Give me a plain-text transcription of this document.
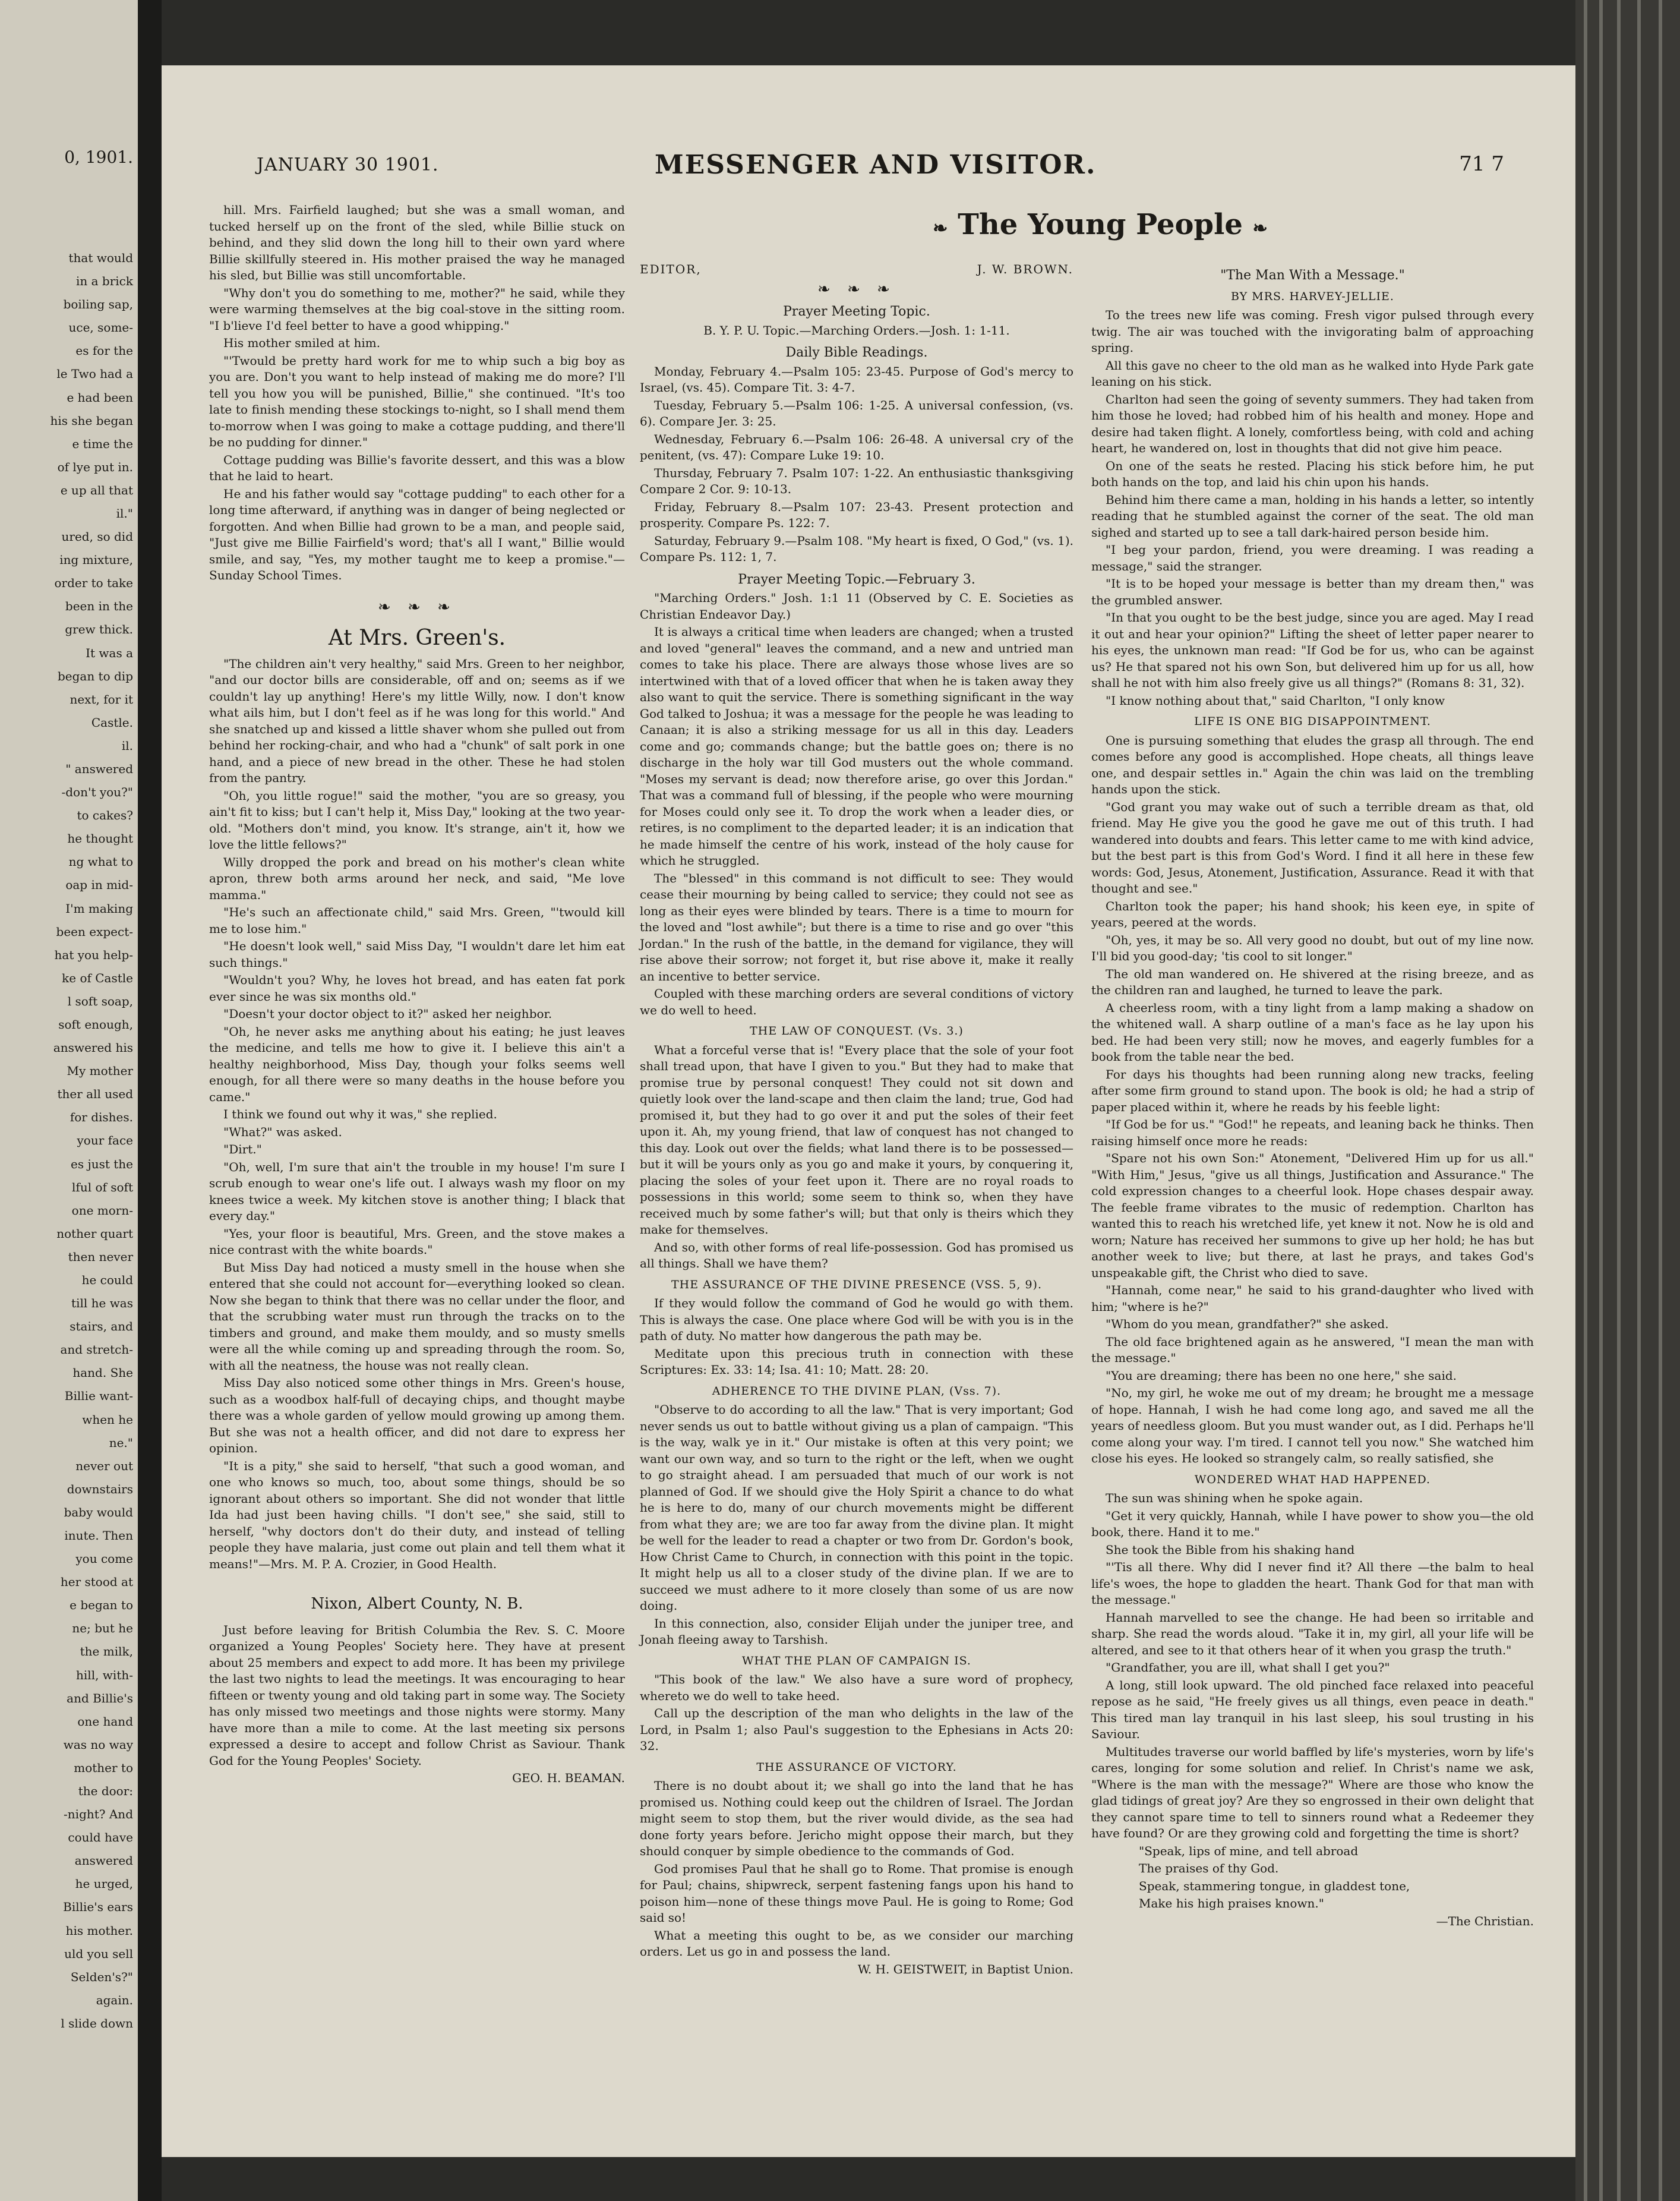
0, 1901.
that would
in a brick
boiling sap,
uce, some-
es for the
le Two had a
e had been
his she began
e time the
of lye put in.
e up all that
il."
ured, so did
ing mixture,
order to take
been in the
grew thick.
It was a
began to dip
next, for it
Castle.
il.
" answered
-don't you?"
to cakes?
he thought
ng what to
oap in mid-
I'm making
been expect-
hat you help-
ke of Castle
l soft soap,
soft enough,
answered his
My mother
ther all used
for dishes.
your face
es just the
lful of soft
one morn-
nother quart
then never
he could
till he was
stairs, and
and stretch-
hand. She
Billie want-
when he
ne."
never out
downstairs
baby would
inute. Then
you come
her stood at
e began to
ne; but he
the milk,
hill, with-
and Billie's
one hand
was no way
mother to
the door:
-night? And
could have
answered
he urged,
Billie's ears
his mother.
uld you sell
Selden's?"
again.
l slide down
JANUARY 30 1901.	MESSENGER AND VISITOR.	71 7
❧ The Young People ❧

hill. Mrs. Fairfield laughed; but she was a small woman, and tucked herself up on the front of the sled, while Billie stuck on behind, and they slid down the long hill to their own yard where Billie skillfully steered in. His mother praised the way he managed his sled, but Billie was still uncomfortable.

"Why don't you do something to me, mother?" he said, while they were warming themselves at the big coal-stove in the sitting room. "I b'lieve I'd feel better to have a good whipping."

His mother smiled at him.

"'Twould be pretty hard work for me to whip such a big boy as you are. Don't you want to help instead of making me do more? I'll tell you how you will be punished, Billie," she continued. "It's too late to finish mending these stockings to-night, so I shall mend them to-morrow when I was going to make a cottage pudding, and there'll be no pudding for dinner."

Cottage pudding was Billie's favorite dessert, and this was a blow that he laid to heart.

He and his father would say "cottage pudding" to each other for a long time afterward, if anything was in danger of being neglected or forgotten. And when Billie had grown to be a man, and people said, "Just give me Billie Fairfield's word; that's all I want," Billie would smile, and say, "Yes, my mother taught me to keep a promise."—Sunday School Times.

❧ ❧ ❧
At Mrs. Green's.

"The children ain't very healthy," said Mrs. Green to her neighbor, "and our doctor bills are considerable, off and on; seems as if we couldn't lay up anything! Here's my little Willy, now. I don't know what ails him, but I don't feel as if he was long for this world." And she snatched up and kissed a little shaver whom she pulled out from behind her rocking-chair, and who had a "chunk" of salt pork in one hand, and a piece of new bread in the other. These he had stolen from the pantry.

"Oh, you little rogue!" said the mother, "you are so greasy, you ain't fit to kiss; but I can't help it, Miss Day," looking at the two year-old. "Mothers don't mind, you know. It's strange, ain't it, how we love the little fellows?"

Willy dropped the pork and bread on his mother's clean white apron, threw both arms around her neck, and said, "Me love mamma."

"He's such an affectionate child," said Mrs. Green, "'twould kill me to lose him."

"He doesn't look well," said Miss Day, "I wouldn't dare let him eat such things."

"Wouldn't you? Why, he loves hot bread, and has eaten fat pork ever since he was six months old."

"Doesn't your doctor object to it?" asked her neighbor.

"Oh, he never asks me anything about his eating; he just leaves the medicine, and tells me how to give it. I believe this ain't a healthy neighborhood, Miss Day, though your folks seems well enough, for all there were so many deaths in the house before you came."

I think we found out why it was," she replied.

"What?" was asked.

"Dirt."

"Oh, well, I'm sure that ain't the trouble in my house! I'm sure I scrub enough to wear one's life out. I always wash my floor on my knees twice a week. My kitchen stove is another thing; I black that every day."

"Yes, your floor is beautiful, Mrs. Green, and the stove makes a nice contrast with the white boards."

But Miss Day had noticed a musty smell in the house when she entered that she could not account for—everything looked so clean. Now she began to think that there was no cellar under the floor, and that the scrubbing water must run through the tracks on to the timbers and ground, and make them mouldy, and so musty smells were all the while coming up and spreading through the room. So, with all the neatness, the house was not really clean.

Miss Day also noticed some other things in Mrs. Green's house, such as a woodbox half-full of decaying chips, and thought maybe there was a whole garden of yellow mould growing up among them. But she was not a health officer, and did not dare to express her opinion.

"It is a pity," she said to herself, "that such a good woman, and one who knows so much, too, about some things, should be so ignorant about others so important. She did not wonder that little Ida had just been having chills. "I don't see," she said, still to herself, "why doctors don't do their duty, and instead of telling people they have malaria, just come out plain and tell them what it means!"—Mrs. M. P. A. Crozier, in Good Health.

Nixon, Albert County, N. B.

Just before leaving for British Columbia the Rev. S. C. Moore organized a Young Peoples' Society here. They have at present about 25 members and expect to add more. It has been my privilege the last two nights to lead the meetings. It was encouraging to hear fifteen or twenty young and old taking part in some way. The Society has only missed two meetings and those nights were stormy. Many have more than a mile to come. At the last meeting six persons expressed a desire to accept and follow Christ as Saviour. Thank God for the Young Peoples' Society.

GEO. H. BEAMAN.
EDITOR,	J. W. BROWN.
❧ ❧ ❧
Prayer Meeting Topic.

B. Y. P. U. Topic.—Marching Orders.—Josh. 1: 1-11.

Daily Bible Readings.

Monday, February 4.—Psalm 105: 23-45. Purpose of God's mercy to Israel, (vs. 45). Compare Tit. 3: 4-7.

Tuesday, February 5.—Psalm 106: 1-25. A universal confession, (vs. 6). Compare Jer. 3: 25.

Wednesday, February 6.—Psalm 106: 26-48. A universal cry of the penitent, (vs. 47): Compare Luke 19: 10.

Thursday, February 7. Psalm 107: 1-22. An enthusiastic thanksgiving Compare 2 Cor. 9: 10-13.

Friday, February 8.—Psalm 107: 23-43. Present protection and prosperity. Compare Ps. 122: 7.

Saturday, February 9.—Psalm 108. "My heart is fixed, O God," (vs. 1). Compare Ps. 112: 1, 7.

Prayer Meeting Topic.—February 3.

"Marching Orders." Josh. 1:1 11 (Observed by C. E. Societies as Christian Endeavor Day.)

It is always a critical time when leaders are changed; when a trusted and loved "general" leaves the command, and a new and untried man comes to take his place. There are always those whose lives are so intertwined with that of a loved officer that when he is taken away they also want to quit the service. There is something significant in the way God talked to Joshua; it was a message for the people he was leading to Canaan; it is also a striking message for us all in this day. Leaders come and go; commands change; but the battle goes on; there is no discharge in the holy war till God musters out the whole command. "Moses my servant is dead; now therefore arise, go over this Jordan." That was a command full of blessing, if the people who were mourning for Moses could only see it. To drop the work when a leader dies, or retires, is no compliment to the departed leader; it is an indication that he made himself the centre of his work, instead of the holy cause for which he struggled.

The "blessed" in this command is not difficult to see: They would cease their mourning by being called to service; they could not see as long as their eyes were blinded by tears. There is a time to mourn for the loved and "lost awhile"; but there is a time to rise and go over "this Jordan." In the rush of the battle, in the demand for vigilance, they will rise above their sorrow; not forget it, but rise above it, make it really an incentive to better service.

Coupled with these marching orders are several conditions of victory we do well to heed.

THE LAW OF CONQUEST. (Vs. 3.)

What a forceful verse that is! "Every place that the sole of your foot shall tread upon, that have I given to you." But they had to make that promise true by personal conquest! They could not sit down and quietly look over the land-scape and then claim the land; true, God had promised it, but they had to go over it and put the soles of their feet upon it. Ah, my young friend, that law of conquest has not changed to this day. Look out over the fields; what land there is to be possessed—but it will be yours only as you go and make it yours, by conquering it, placing the soles of your feet upon it. There are no royal roads to possessions in this world; some seem to think so, when they have received much by some father's will; but that only is theirs which they make for themselves.

And so, with other forms of real life-possession. God has promised us all things. Shall we have them?

THE ASSURANCE OF THE DIVINE PRESENCE (VSS. 5, 9).

If they would follow the command of God he would go with them. This is always the case. One place where God will be with you is in the path of duty. No matter how dangerous the path may be.

Meditate upon this precious truth in connection with these Scriptures: Ex. 33: 14; Isa. 41: 10; Matt. 28: 20.

ADHERENCE TO THE DIVINE PLAN, (Vss. 7).

"Observe to do according to all the law." That is very important; God never sends us out to battle without giving us a plan of campaign. "This is the way, walk ye in it." Our mistake is often at this very point; we want our own way, and so turn to the right or the left, when we ought to go straight ahead. I am persuaded that much of our work is not planned of God. If we should give the Holy Spirit a chance to do what he is here to do, many of our church movements might be different from what they are; we are too far away from the divine plan. It might be well for the leader to read a chapter or two from Dr. Gordon's book, How Christ Came to Church, in connection with this point in the topic. It might help us all to a closer study of the divine plan. If we are to succeed we must adhere to it more closely than some of us are now doing.

In this connection, also, consider Elijah under the juniper tree, and Jonah fleeing away to Tarshish.

WHAT THE PLAN OF CAMPAIGN IS.

"This book of the law." We also have a sure word of prophecy, whereto we do well to take heed.

Call up the description of the man who delights in the law of the Lord, in Psalm 1; also Paul's suggestion to the Ephesians in Acts 20: 32.

THE ASSURANCE OF VICTORY.

There is no doubt about it; we shall go into the land that he has promised us. Nothing could keep out the children of Israel. The Jordan might seem to stop them, but the river would divide, as the sea had done forty years before. Jericho might oppose their march, but they should conquer by simple obedience to the commands of God.

God promises Paul that he shall go to Rome. That promise is enough for Paul; chains, shipwreck, serpent fastening fangs upon his hand to poison him—none of these things move Paul. He is going to Rome; God said so!

What a meeting this ought to be, as we consider our marching orders. Let us go in and possess the land.

W. H. GEISTWEIT, in Baptist Union.
"The Man With a Message."
BY MRS. HARVEY-JELLIE.

To the trees new life was coming. Fresh vigor pulsed through every twig. The air was touched with the invigorating balm of approaching spring.

All this gave no cheer to the old man as he walked into Hyde Park gate leaning on his stick.

Charlton had seen the going of seventy summers. They had taken from him those he loved; had robbed him of his health and money. Hope and desire had taken flight. A lonely, comfortless being, with cold and aching heart, he wandered on, lost in thoughts that did not give him peace.

On one of the seats he rested. Placing his stick before him, he put both hands on the top, and laid his chin upon his hands.

Behind him there came a man, holding in his hands a letter, so intently reading that he stumbled against the corner of the seat. The old man sighed and started up to see a tall dark-haired person beside him.

"I beg your pardon, friend, you were dreaming. I was reading a message," said the stranger.

"It is to be hoped your message is better than my dream then," was the grumbled answer.

"In that you ought to be the best judge, since you are aged. May I read it out and hear your opinion?" Lifting the sheet of letter paper nearer to his eyes, the unknown man read: "If God be for us, who can be against us? He that spared not his own Son, but delivered him up for us all, how shall he not with him also freely give us all things?" (Romans 8: 31, 32).

"I know nothing about that," said Charlton, "I only know

LIFE IS ONE BIG DISAPPOINTMENT.

One is pursuing something that eludes the grasp all through. The end comes before any good is accomplished. Hope cheats, all things leave one, and despair settles in." Again the chin was laid on the trembling hands upon the stick.

"God grant you may wake out of such a terrible dream as that, old friend. May He give you the good he gave me out of this truth. I had wandered into doubts and fears. This letter came to me with kind advice, but the best part is this from God's Word. I find it all here in these few words: God, Jesus, Atonement, Justification, Assurance. Read it with that thought and see."

Charlton took the paper; his hand shook; his keen eye, in spite of years, peered at the words.

"Oh, yes, it may be so. All very good no doubt, but out of my line now. I'll bid you good-day; 'tis cool to sit longer."

The old man wandered on. He shivered at the rising breeze, and as the children ran and laughed, he turned to leave the park.

A cheerless room, with a tiny light from a lamp making a shadow on the whitened wall. A sharp outline of a man's face as he lay upon his bed. He had been very still; now he moves, and eagerly fumbles for a book from the table near the bed.

For days his thoughts had been running along new tracks, feeling after some firm ground to stand upon. The book is old; he had a strip of paper placed within it, where he reads by his feeble light:

"If God be for us." "God!" he repeats, and leaning back he thinks. Then raising himself once more he reads:

"Spare not his own Son:" Atonement, "Delivered Him up for us all." "With Him," Jesus, "give us all things, Justification and Assurance." The cold expression changes to a cheerful look. Hope chases despair away. The feeble frame vibrates to the music of redemption. Charlton has wanted this to reach his wretched life, yet knew it not. Now he is old and worn; Nature has received her summons to give up her hold; he has but another week to live; but there, at last he prays, and takes God's unspeakable gift, the Christ who died to save.

"Hannah, come near," he said to his grand-daughter who lived with him; "where is he?"

"Whom do you mean, grandfather?" she asked.

The old face brightened again as he answered, "I mean the man with the message."

"You are dreaming; there has been no one here," she said.

"No, my girl, he woke me out of my dream; he brought me a message of hope. Hannah, I wish he had come long ago, and saved me all the years of needless gloom. But you must wander out, as I did. Perhaps he'll come along your way. I'm tired. I cannot tell you now." She watched him close his eyes. He looked so strangely calm, so really satisfied, she

WONDERED WHAT HAD HAPPENED.

The sun was shining when he spoke again.

"Get it very quickly, Hannah, while I have power to show you—the old book, there. Hand it to me."

She took the Bible from his shaking hand

"'Tis all there. Why did I never find it? All there —the balm to heal life's woes, the hope to gladden the heart. Thank God for that man with the message."

Hannah marvelled to see the change. He had been so irritable and sharp. She read the words aloud. "Take it in, my girl, all your life will be altered, and see to it that others hear of it when you grasp the truth."

"Grandfather, you are ill, what shall I get you?"

A long, still look upward. The old pinched face relaxed into peaceful repose as he said, "He freely gives us all things, even peace in death." This tired man lay tranquil in his last sleep, his soul trusting in his Saviour.

Multitudes traverse our world baffled by life's mysteries, worn by life's cares, longing for some solution and relief. In Christ's name we ask, "Where is the man with the message?" Where are those who know the glad tidings of great joy? Are they so engrossed in their own delight that they cannot spare time to tell to sinners round what a Redeemer they have found? Or are they growing cold and forgetting the time is short?

"Speak, lips of mine, and tell abroad

The praises of thy God.

Speak, stammering tongue, in gladdest tone,

Make his high praises known."

—The Christian.
